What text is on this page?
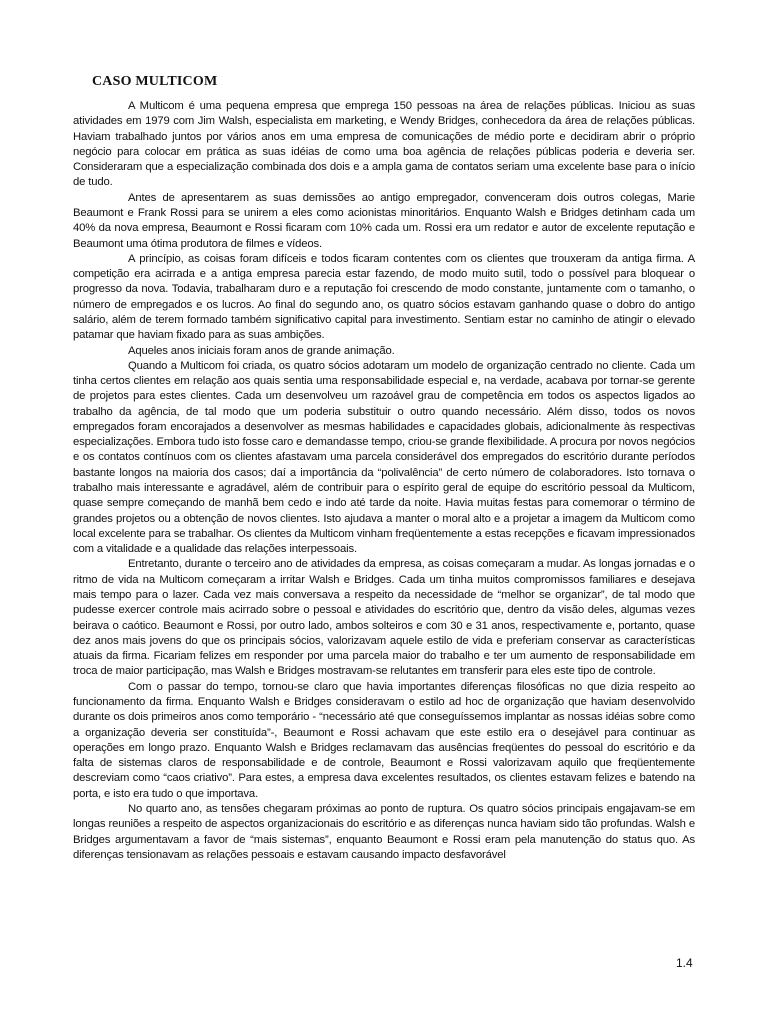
CASO MULTICOM

A Multicom é uma pequena empresa que emprega 150 pessoas na área de relações públicas. Iniciou as suas atividades em 1979 com Jim Walsh, especialista em marketing, e Wendy Bridges, conhecedora da área de relações públicas. Haviam trabalhado juntos por vários anos em uma empresa de comunicações de médio porte e decidiram abrir o próprio negócio para colocar em prática as suas idéias de como uma boa agência de relações públicas poderia e deveria ser. Consideraram que a especialização combinada dos dois e a ampla gama de contatos seriam uma excelente base para o início de tudo.

Antes de apresentarem as suas demissões ao antigo empregador, convenceram dois outros colegas, Marie Beaumont e Frank Rossi para se unirem a eles como acionistas minoritários. Enquanto Walsh e Bridges detinham cada um 40% da nova empresa, Beaumont e Rossi ficaram com 10% cada um. Rossi era um redator e autor de excelente reputação e Beaumont uma ótima produtora de filmes e vídeos.

A princípio, as coisas foram difíceis e todos ficaram contentes com os clientes que trouxeram da antiga firma. A competição era acirrada e a antiga empresa parecia estar fazendo, de modo muito sutil, todo o possível para bloquear o progresso da nova. Todavia, trabalharam duro e a reputação foi crescendo de modo constante, juntamente com o tamanho, o número de empregados e os lucros. Ao final do segundo ano, os quatro sócios estavam ganhando quase o dobro do antigo salário, além de terem formado também significativo capital para investimento. Sentiam estar no caminho de atingir o elevado patamar que haviam fixado para as suas ambições.

Aqueles anos iniciais foram anos de grande animação.

Quando a Multicom foi criada, os quatro sócios adotaram um modelo de organização centrado no cliente. Cada um tinha certos clientes em relação aos quais sentia uma responsabilidade especial e, na verdade, acabava por tornar-se gerente de projetos para estes clientes. Cada um desenvolveu um razoável grau de competência em todos os aspectos ligados ao trabalho da agência, de tal modo que um poderia substituir o outro quando necessário. Além disso, todos os novos empregados foram encorajados a desenvolver as mesmas habilidades e capacidades globais, adicionalmente às respectivas especializações. Embora tudo isto fosse caro e demandasse tempo, criou-se grande flexibilidade. A procura por novos negócios e os contatos contínuos com os clientes afastavam uma parcela considerável dos empregados do escritório durante períodos bastante longos na maioria dos casos; daí a importância da “polivalência” de certo número de colaboradores. Isto tornava o trabalho mais interessante e agradável, além de contribuir para o espírito geral de equipe do escritório pessoal da Multicom, quase sempre começando de manhã bem cedo e indo até tarde da noite. Havia muitas festas para comemorar o término de grandes projetos ou a obtenção de novos clientes. Isto ajudava a manter o moral alto e a projetar a imagem da Multicom como local excelente para se trabalhar. Os clientes da Multicom vinham freqüentemente a estas recepções e ficavam impressionados com a vitalidade e a qualidade das relações interpessoais.

Entretanto, durante o terceiro ano de atividades da empresa, as coisas começaram a mudar. As longas jornadas e o ritmo de vida na Multicom começaram a irritar Walsh e Bridges. Cada um tinha muitos compromissos familiares e desejava mais tempo para o lazer. Cada vez mais conversava a respeito da necessidade de “melhor se organizar”, de tal modo que pudesse exercer controle mais acirrado sobre o pessoal e atividades do escritório que, dentro da visão deles, algumas vezes beirava o caótico. Beaumont e Rossi, por outro lado, ambos solteiros e com 30 e 31 anos, respectivamente e, portanto, quase dez anos mais jovens do que os principais sócios, valorizavam aquele estilo de vida e preferiam conservar as características atuais da firma. Ficariam felizes em responder por uma parcela maior do trabalho e ter um aumento de responsabilidade em troca de maior participação, mas Walsh e Bridges mostravam-se relutantes em transferir para eles este tipo de controle.

Com o passar do tempo, tornou-se claro que havia importantes diferenças filosóficas no que dizia respeito ao funcionamento da firma. Enquanto Walsh e Bridges consideravam o estilo ad hoc de organização que haviam desenvolvido durante os dois primeiros anos como temporário - “necessário até que conseguíssemos implantar as nossas idéias sobre como a organização deveria ser constituída”-, Beaumont e Rossi achavam que este estilo era o desejável para continuar as operações em longo prazo. Enquanto Walsh e Bridges reclamavam das ausências freqüentes do pessoal do escritório e da falta de sistemas claros de responsabilidade e de controle, Beaumont e Rossi valorizavam aquilo que freqüentemente descreviam como “caos criativo”. Para estes, a empresa dava excelentes resultados, os clientes estavam felizes e batendo na porta, e isto era tudo o que importava.

No quarto ano, as tensões chegaram próximas ao ponto de ruptura. Os quatro sócios principais engajavam-se em longas reuniões a respeito de aspectos organizacionais do escritório e as diferenças nunca haviam sido tão profundas. Walsh e Bridges argumentavam a favor de “mais sistemas”, enquanto Beaumont e Rossi eram pela manutenção do status quo. As diferenças tensionavam as relações pessoais e estavam causando impacto desfavorável

1.4
